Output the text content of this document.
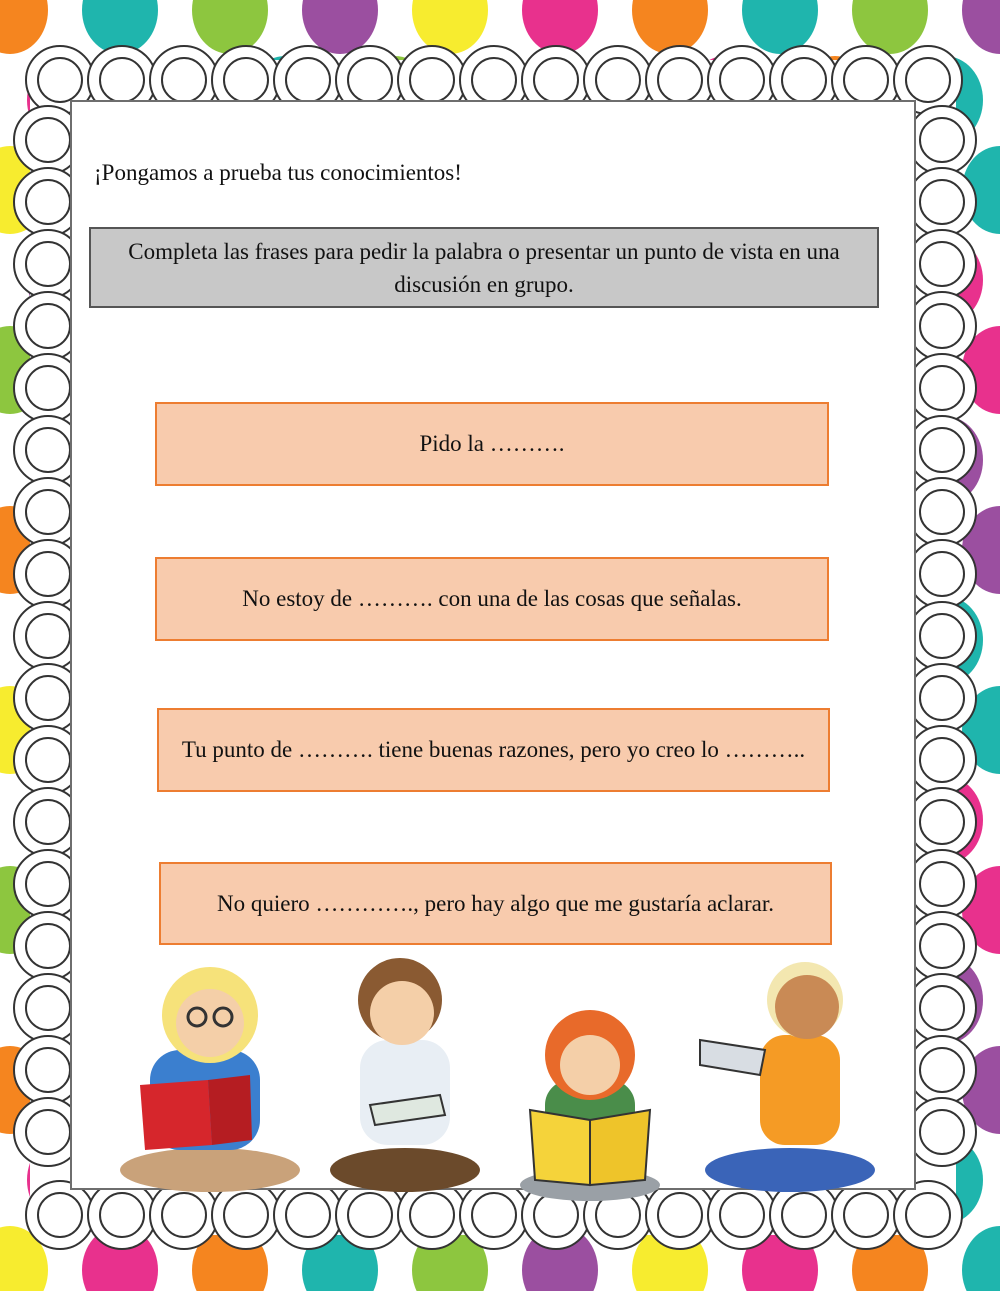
¡Pongamos a prueba tus conocimientos!
Completa las frases para pedir la palabra o presentar un punto de vista en una discusión en grupo.
Pido la ……….
No estoy de ………. con una de las cosas que señalas.
Tu punto de ………. tiene buenas razones, pero yo creo lo ………..
No quiero …………., pero hay algo que me gustaría aclarar.
